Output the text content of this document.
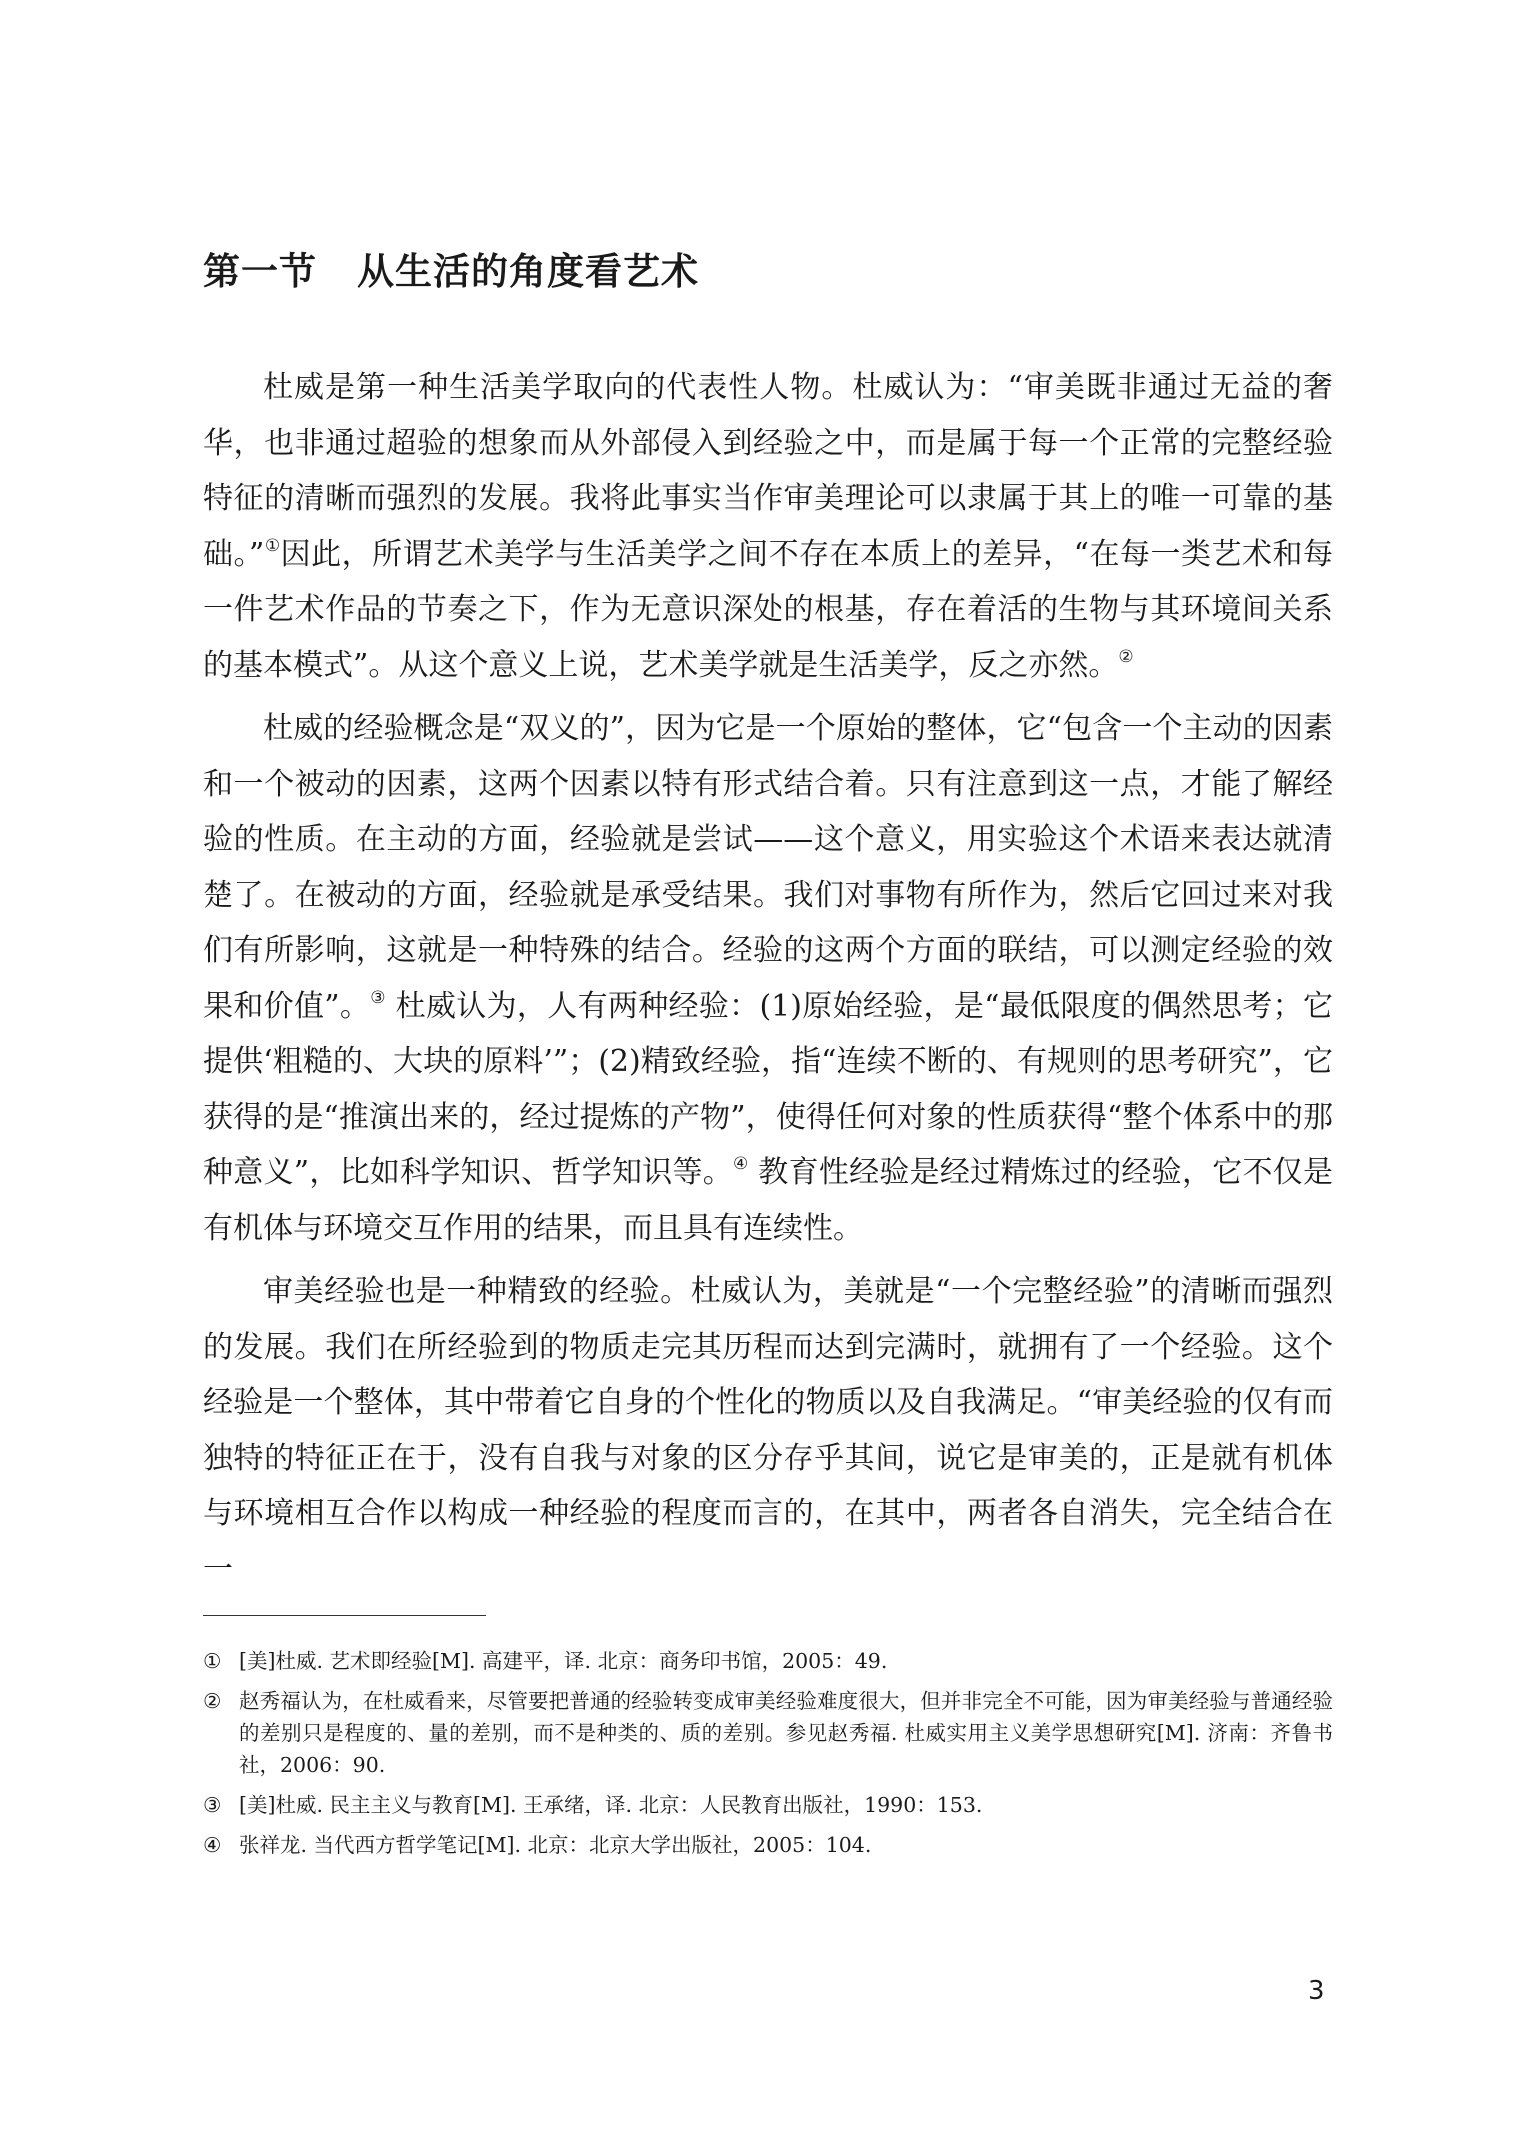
第一节 从生活的角度看艺术

杜威是第一种生活美学取向的代表性人物。杜威认为：“审美既非通过无益的奢华，也非通过超验的想象而从外部侵入到经验之中，而是属于每一个正常的完整经验特征的清晰而强烈的发展。我将此事实当作审美理论可以隶属于其上的唯一可靠的基础。”①因此，所谓艺术美学与生活美学之间不存在本质上的差异，“在每一类艺术和每一件艺术作品的节奏之下，作为无意识深处的根基，存在着活的生物与其环境间关系的基本模式”。从这个意义上说，艺术美学就是生活美学，反之亦然。②

杜威的经验概念是“双义的”，因为它是一个原始的整体，它“包含一个主动的因素和一个被动的因素，这两个因素以特有形式结合着。只有注意到这一点，才能了解经验的性质。在主动的方面，经验就是尝试——这个意义，用实验这个术语来表达就清楚了。在被动的方面，经验就是承受结果。我们对事物有所作为，然后它回过来对我们有所影响，这就是一种特殊的结合。经验的这两个方面的联结，可以测定经验的效果和价值”。③ 杜威认为，人有两种经验：(1)原始经验，是“最低限度的偶然思考；它提供‘粗糙的、大块的原料’”；(2)精致经验，指“连续不断的、有规则的思考研究”，它获得的是“推演出来的，经过提炼的产物”，使得任何对象的性质获得“整个体系中的那种意义”，比如科学知识、哲学知识等。④ 教育性经验是经过精炼过的经验，它不仅是有机体与环境交互作用的结果，而且具有连续性。

审美经验也是一种精致的经验。杜威认为，美就是“一个完整经验”的清晰而强烈的发展。我们在所经验到的物质走完其历程而达到完满时，就拥有了一个经验。这个经验是一个整体，其中带着它自身的个性化的物质以及自我满足。“审美经验的仅有而独特的特征正在于，没有自我与对象的区分存乎其间，说它是审美的，正是就有机体与环境相互合作以构成一种经验的程度而言的，在其中，两者各自消失，完全结合在一

① [美]杜威. 艺术即经验[M]. 高建平，译. 北京：商务印书馆，2005：49.
② 赵秀福认为，在杜威看来，尽管要把普通的经验转变成审美经验难度很大，但并非完全不可能，因为审美经验与普通经验的差别只是程度的、量的差别，而不是种类的、质的差别。参见赵秀福. 杜威实用主义美学思想研究[M]. 济南：齐鲁书社，2006：90.
③ [美]杜威. 民主主义与教育[M]. 王承绪，译. 北京：人民教育出版社，1990：153.
④ 张祥龙. 当代西方哲学笔记[M]. 北京：北京大学出版社，2005：104.
3
